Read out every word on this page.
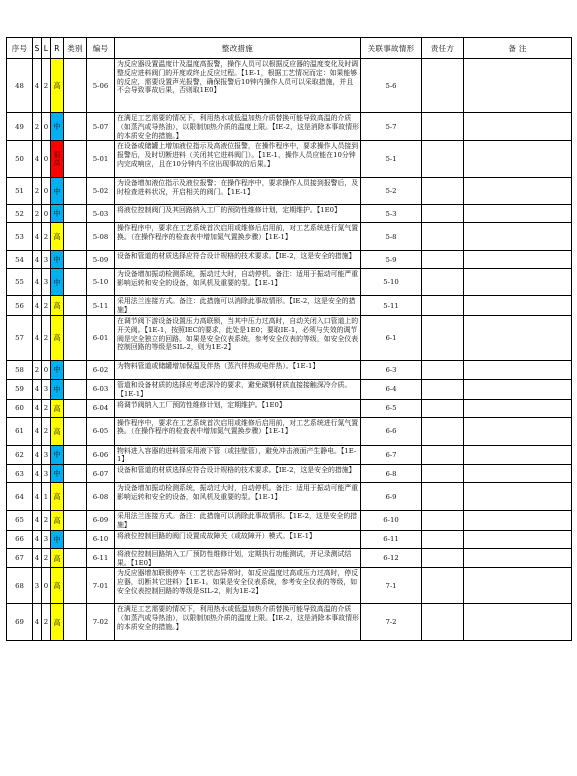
序号	S	L	R	类别	编号	整改措施	关联事故情形	责任方	备 注
48	4	2	高		5-06	为反应器设置温度计及温度高报警，操作人员可以根据反应器的温度变化及时调整反应进料阀门的开度或终止反应过程。【1E-1，根据工艺情况而定：如果能够的反应，需要设置声光报警，确保报警后10钟内操作人员可以采取措施，并且不会导致事故后果，否则取1E0】	5-6		
49	2	0	中		5-07	在满足工艺需要的情况下，利用热水或低温加热介质替换可能导致高温的介质（如蒸汽或导热油），以限制加热介质的温度上限。【IE-2，这是消除本事故情形的本质安全的措施。】	5-7		
50	4	0	很高		5-01	在设备或储罐上增加液位指示及高液位报警，在操作程序中，要求操作人员接到报警后，及时切断进料（关闭其它进料阀门）。【1E-1，操作人员应能在10分钟内完成响应，且在10分钟内不应出现事故的后果。】	5-1		
51	2	0	中		5-02	为设备增加液位指示及液位报警；在操作程序中，要求操作人员接到报警后，及时检查进料状况，开启相关的阀门。【1E-1】	5-2		
52	2	0	中		5-03	将液位控制阀门及其回路纳入工厂的预防性维修计划，定期维护。【1E0】	5-3		
53	4	2	高		5-08	操作程序中，要求在工艺系统首次启用或维修后启用前，对工艺系统进行氮气置换。（在操作程序的检查表中增加氮气置换步骤）【1E-1】	5-8		
54	4	3	中		5-09	设备和管道的材质选择应符合设计规格的技术要求。【IE-2，这是安全的措施】	5-9		
55	4	3	中		5-10	为设备增加振动检测系统，振动过大时，自动停机。备注：适用于振动可能严重影响运转和安全的设备，如风机及重要的泵。【1E-1】	5-10		
56	4	2	高		5-11	采用法兰连接方式。备注：此措施可以消除此事故情形。【IE-2，这是安全的措施】	5-11		
57	4	2	高		6-01	在调节阀下游设备设置压力高联锁，当其中压力过高时，自动关闭入口管道上的开关阀。【1E-1，按照IEC的要求，此处是1E0；要取IE-1，必须与失效的调节阀是完全独立的回路。如果是安全仪表系统，参考安全仪表的等级，如安全仪表控制回路的等级是SIL-2，则为1E-2】	6-1		
58	2	0	中		6-02	为物料管道或储罐增加保温及伴热（蒸汽伴热或电伴热）。【1E-1】	6-3		
59	4	3	中		6-03	管道和设备材质的选择应考虑深冷的要求，避免碳钢材质直接接触深冷介质。【1E-1】	6-4		
60	4	2	高		6-04	将调节阀纳入工厂预防性维修计划，定期维护。【1E0】	6-5		
61	4	2	高		6-05	操作程序中，要求在工艺系统首次启用或维修后启用前，对工艺系统进行氮气置换。（在操作程序的检查表中增加氮气置换步骤）【1E-1】	6-6		
62	4	3	中		6-06	物料进入容器的进料管采用液下管（或挂壁管），避免冲击液面产生静电。【1E-1】	6-7		
63	4	3	中		6-07	设备和管道的材质选择应符合设计规格的技术要求。【IE-2，这是安全的措施】	6-8		
64	4	1	高		6-08	为设备增加振动检测系统，振动过大时，自动停机。备注：适用于振动可能严重影响运转和安全的设备，如风机及重要的泵。【1E-1】	6-9		
65	4	2	高		6-09	采用法兰连接方式。备注：此措施可以消除此事故情形。【1E-2，这是安全的措施】	6-10		
66	4	3	中		6-10	将液位控制回路的阀门设置成故障关（或故障开）模式。【1E-1】	6-11		
67	4	2	高		6-11	将液位控制回路纳入工厂预防性维修计划，定期执行功能测试，并记录测试结果。【1E0】	6-12		
68	3	0	高		7-01	为反应器增加联锁停车（工艺状态异常时，如反应温度过高或压力过高时，停反应器，切断其它进料）【1E-1。如果是安全仪表系统，参考安全仪表的等级，如安全仪表控制回路的等级是SIL-2，则为1E-2】	7-1		
69	4	2	高		7-02	在满足工艺需要的情况下，利用热水或低温加热介质替换可能导致高温的介质（如蒸汽或导热油），以限制加热介质的温度上限。【IE-2，这是消除本事故情形的本质安全的措施。】	7-2		
